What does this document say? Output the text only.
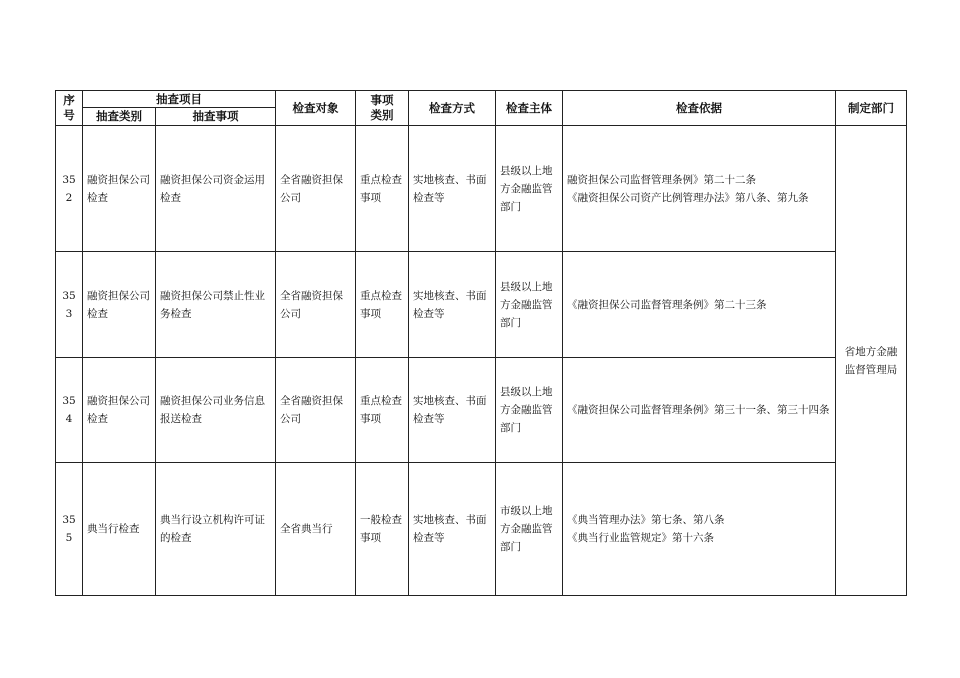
序号	抽查项目		检查对象	事项类别	检查方式	检查主体	检查依据	制定部门
	抽查类别	抽查事项						
352	融资担保公司检查	融资担保公司资金运用检查	全省融资担保公司	重点检查事项	实地核查、书面检查等	县级以上地方金融监管部门	融资担保公司监督管理条例》第二十二条
《融资担保公司资产比例管理办法》第八条、第九条	省地方金融监督管理局
353	融资担保公司检查	融资担保公司禁止性业务检查	全省融资担保公司	重点检查事项	实地核查、书面检查等	县级以上地方金融监管部门	《融资担保公司监督管理条例》第二十三条	

354	融资担保公司检查	融资担保公司业务信息报送检查	全省融资担保公司	重点检查事项	实地核查、书面检查等	县级以上地方金融监管部门	《融资担保公司监督管理条例》第三十一条、第三十四条	

355	典当行检查	典当行设立机构许可证的检查	全省典当行	一般检查事项	实地核查、书面检查等	市级以上地方金融监管部门	《典当管理办法》第七条、第八条
《典当行业监管规定》第十六条	
